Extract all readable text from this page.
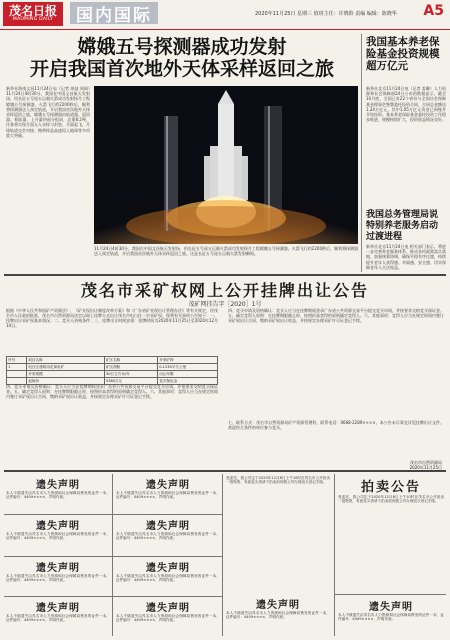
茂名日报
MAOMING DAILY	国内国际	2020年11月25日 星期三 值班主任：许晓聆 责编 编辑：陈晓华 A5
嫦娥五号探测器成功发射
开启我国首次地外天体采样返回之旅
新华社海南文昌11月24日电（记者 胡喆 周闻）11月24日4时30分，我国在中国文昌航天发射场，用长征五号遥五运载火箭成功发射探月工程嫦娥五号探测器，火箭飞行约2200秒后，顺利将探测器送入预定轨道，开启我国首次地外天体采样返回之旅。嫦娥五号探测器由轨道器、返回器、着陆器、上升器四部分组成，总重8.2吨，任务将实现月面无人采样与封装、月面起飞、月球轨道交会对接、携带样品高速再入地球等多项重大突破。
11月24日4时30分，我国在中国文昌航天发射场，用长征五号遥五运载火箭成功发射探月工程嫦娥五号探测器。火箭飞行约2200秒后，顺利将探测器送入预定轨道，开启我国首次地外天体采样返回之旅。这是长征五号遥五运载火箭发射瞬间。
我国基本养老保险基金投资规模超万亿元
新华社北京11月24日电（记者 姜琳）人力资源和社会保障部24日公布的数据显示，截至10月底，全国已有22个省份与全国社会保障基金理事会签署委托投资合同，合同总金额达1.24万亿元，其中1.05万亿元资金已到账并开始投资。基本养老保险基金委托投资工作稳步推进，规模持续扩大，投资收益情况良好。
我国总务管理局说特别养老服务启动过渡进程
新华社北京11月24日电 相关部门表示，将进一步完善养老服务体系，推动各项政策落实落地，加强统筹协调，确保平稳有序过渡，持续提升老年人获得感、幸福感、安全感，切实保障老年人合法权益。
茂名市采矿权网上公开挂牌出让公告
茂矿网挂告字［2020］1号
根据《中华人民共和国矿产资源法》、《矿业权出让制度改革方案》和《广东省矿业权出让管理办法》等有关规定，经茂名市人民政府批准，茂名市自然资源局决定以网上挂牌方式出让茂名市电白区一宗采矿权。现将有关事项公告如下：一、挂牌出让采矿权基本情况；二、竞买人资格条件；三、挂牌出让时间安排：挂牌时间为2020年11月25日至2020年12月14日。
序号	项目名称	矿区名称	开采矿种
1	电白区建筑用花岗岩矿	矿区面积	0.1235平方公里
	开采规模	30万立方米/年	出让年限
	起始价	5380万元	竞买保证金
四、竞买申请及资格确认：竞买人应当在挂牌期间登录广东省公共资源交易平台提交竞买申请，并按要求交纳竞买保证金。五、确定竞得人原则：在挂牌期限截止时，按照价高者得的原则确定竞得人。六、其他事项：竞得人应当在规定时间内签订采矿权出让合同，缴纳采矿权出让收益，并按规定办理采矿许可证登记手续。
四、竞买申请及资格确认：竞买人应当在挂牌期间登录广东省公共资源交易平台提交竞买申请，并按要求交纳竞买保证金。五、确定竞得人原则：在挂牌期限截止时，按照价高者得的原则确定竞得人。六、其他事项：竞得人应当在规定时间内签订采矿权出让合同，缴纳采矿权出让收益，并按规定办理采矿许可证登记手续。
七、联系方式：茂名市自然资源局矿产资源管理科，联系电话：0668-2289××××。本公告未尽事宜详见挂牌出让文件。欢迎符合条件的单位参与竞买。
茂名市自然资源局
2020年11月25日
遗失声明
本人不慎遗失由茂名市人力资源和社会保障局核发的证件一本，证件编号：4409××××，声明作废。
遗失声明
本人不慎遗失由茂名市人力资源和社会保障局核发的证件一本，证件编号：4409××××，声明作废。
遗失声明
本人不慎遗失由茂名市人力资源和社会保障局核发的证件一本，证件编号：4409××××，声明作废。
遗失声明
本人不慎遗失由茂名市人力资源和社会保障局核发的证件一本，证件编号：4409××××，声明作废。
遗失声明
本人不慎遗失由茂名市人力资源和社会保障局核发的证件一本，证件编号：4409××××，声明作废。
遗失声明
本人不慎遗失由茂名市人力资源和社会保障局核发的证件一本，证件编号：4409××××，声明作废。
遗失声明
本人不慎遗失由茂名市人力资源和社会保障局核发的证件一本，证件编号：4409××××，声明作废。
遗失声明
本人不慎遗失由茂名市人力资源和社会保障局核发的证件一本，证件编号：4409××××，声明作废。
受委托，我公司定于2020年12月8日上午10时在茂名市公开拍卖一批物资，有意竞买者请于拍卖前到我公司办理竞买登记手续。
遗失声明
本人不慎遗失由茂名市人力资源和社会保障局核发的证件一本，证件编号：4409××××，声明作废。
拍卖公告
受委托，我公司定于2020年12月8日上午10时在茂名市公开拍卖一批物资，有意竞买者请于拍卖前到我公司办理竞买登记手续。
遗失声明
本人不慎遗失由茂名市人力资源和社会保障局核发的证件一本，证件编号：4409××××，声明作废。
